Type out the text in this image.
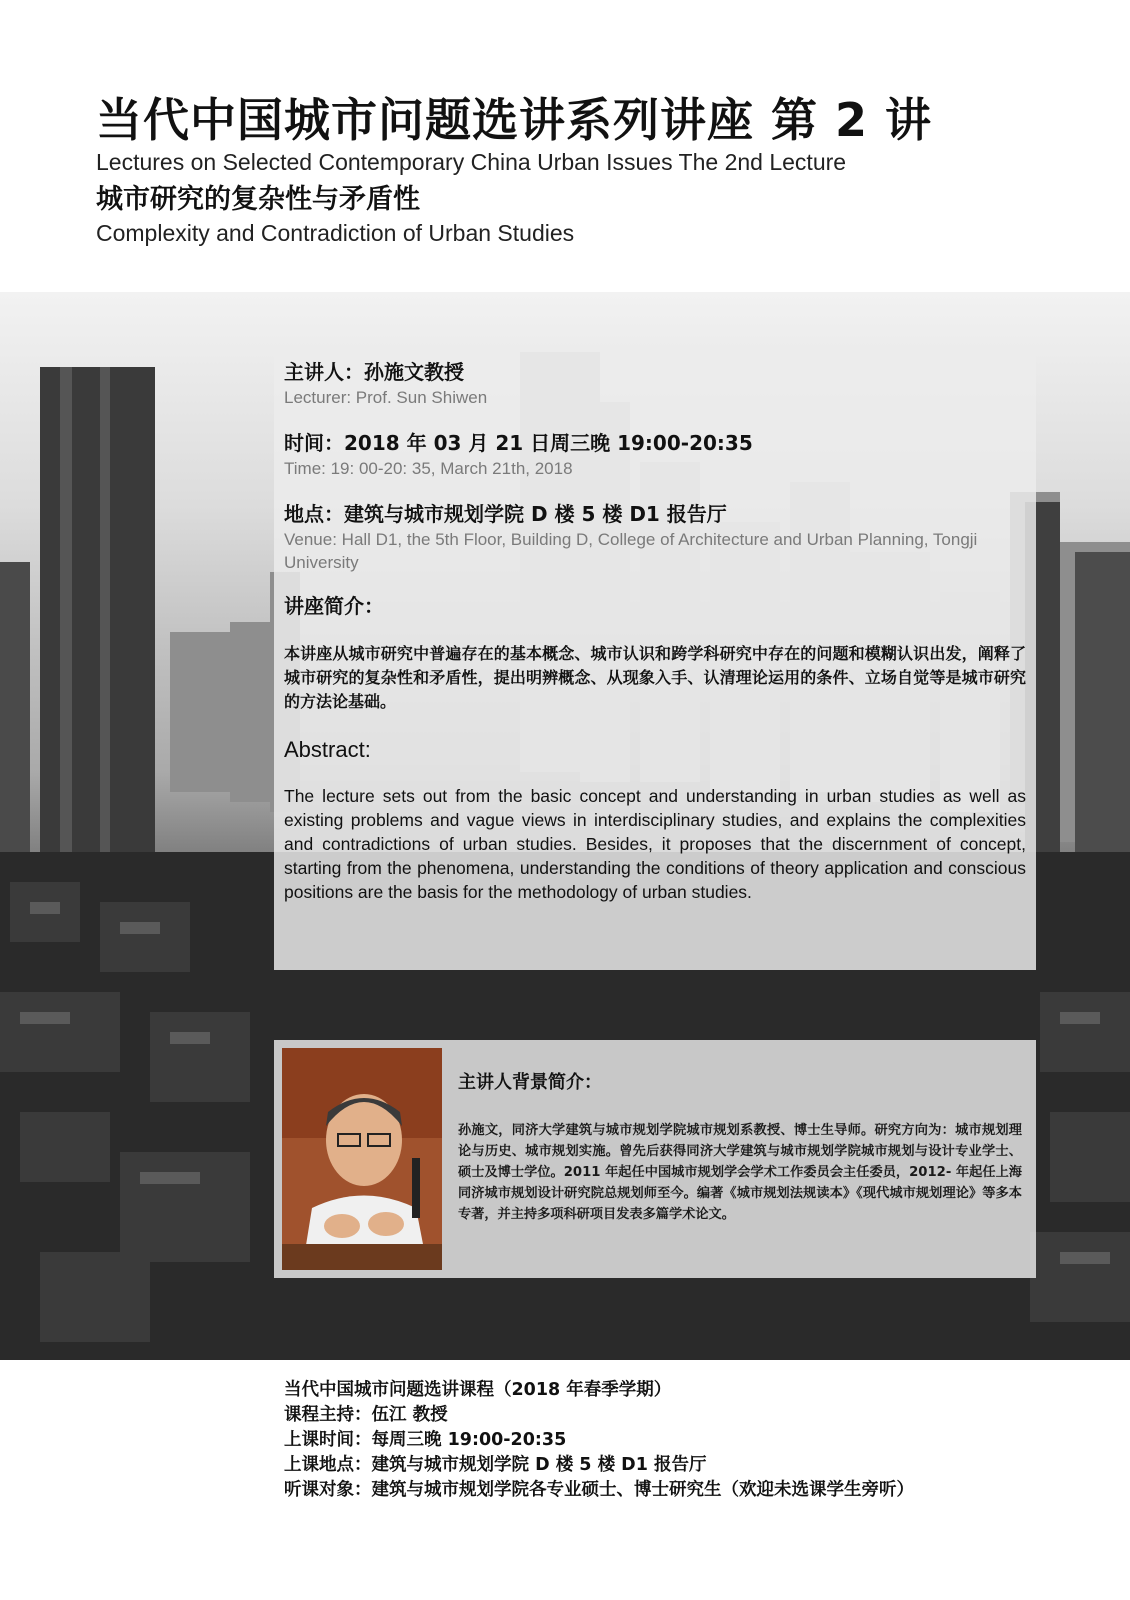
当代中国城市问题选讲系列讲座 第 2 讲
Lectures on Selected Contemporary China Urban Issues The 2nd Lecture
城市研究的复杂性与矛盾性
Complexity and Contradiction of Urban Studies
主讲人：孙施文教授
Lecturer: Prof. Sun Shiwen
时间：2018 年 03 月 21 日周三晚 19:00-20:35
Time: 19: 00-20: 35, March 21th, 2018
地点：建筑与城市规划学院 D 楼 5 楼 D1 报告厅
Venue: Hall D1, the 5th Floor, Building D, College of Architecture and Urban Planning, Tongji University
讲座简介：
本讲座从城市研究中普遍存在的基本概念、城市认识和跨学科研究中存在的问题和模糊认识出发，阐释了城市研究的复杂性和矛盾性，提出明辨概念、从现象入手、认清理论运用的条件、立场自觉等是城市研究的方法论基础。
Abstract:
The lecture sets out from the basic concept and understanding in urban studies as well as existing problems and vague views in interdisciplinary studies, and explains the complexities and contradictions of urban studies. Besides, it proposes that the discernment of concept, starting from the phenomena, understanding the conditions of theory application and conscious positions are the basis for the methodology of urban studies.
主讲人背景简介：
孙施文，同济大学建筑与城市规划学院城市规划系教授、博士生导师。研究方向为：城市规划理论与历史、城市规划实施。曾先后获得同济大学建筑与城市规划学院城市规划与设计专业学士、硕士及博士学位。2011 年起任中国城市规划学会学术工作委员会主任委员，2012- 年起任上海同济城市规划设计研究院总规划师至今。编著《城市规划法规读本》《现代城市规划理论》等多本专著，并主持多项科研项目发表多篇学术论文。
当代中国城市问题选讲课程（2018 年春季学期）
课程主持：伍江 教授
上课时间：每周三晚 19:00-20:35
上课地点：建筑与城市规划学院 D 楼 5 楼 D1 报告厅
听课对象：建筑与城市规划学院各专业硕士、博士研究生（欢迎未选课学生旁听）
